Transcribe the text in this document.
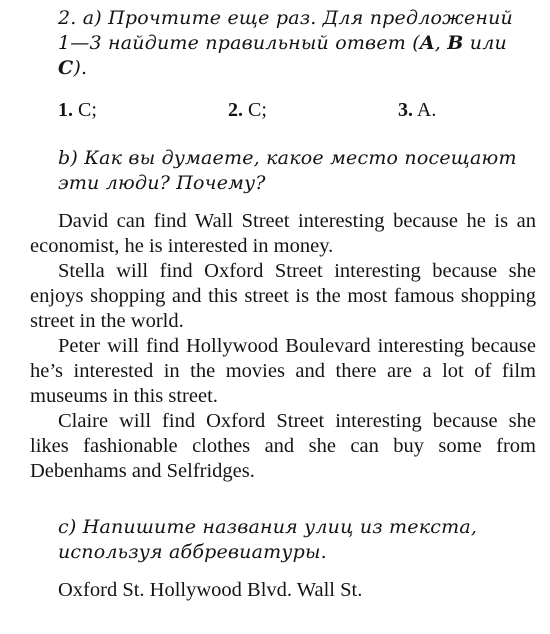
2. a) Прочтите еще раз. Для предложений
1—3 найдите правильный ответ (A, B или
C).
1. C;	2. C;	3. A.
b) Как вы думаете, какое место посещают
эти люди? Почему?

David can find Wall Street interesting because he is an economist, he is interested in money.

Stella will find Oxford Street interesting because she enjoys shopping and this street is the most famous shopping street in the world.

Peter will find Hollywood Boulevard interesting because he’s interested in the movies and there are a lot of film museums in this street.

Claire will find Oxford Street interesting because she likes fashionable clothes and she can buy some from Debenhams and Selfridges.

c) Напишите названия улиц из текста,
используя аббревиатуры.

Oxford St. Hollywood Blvd. Wall St.
